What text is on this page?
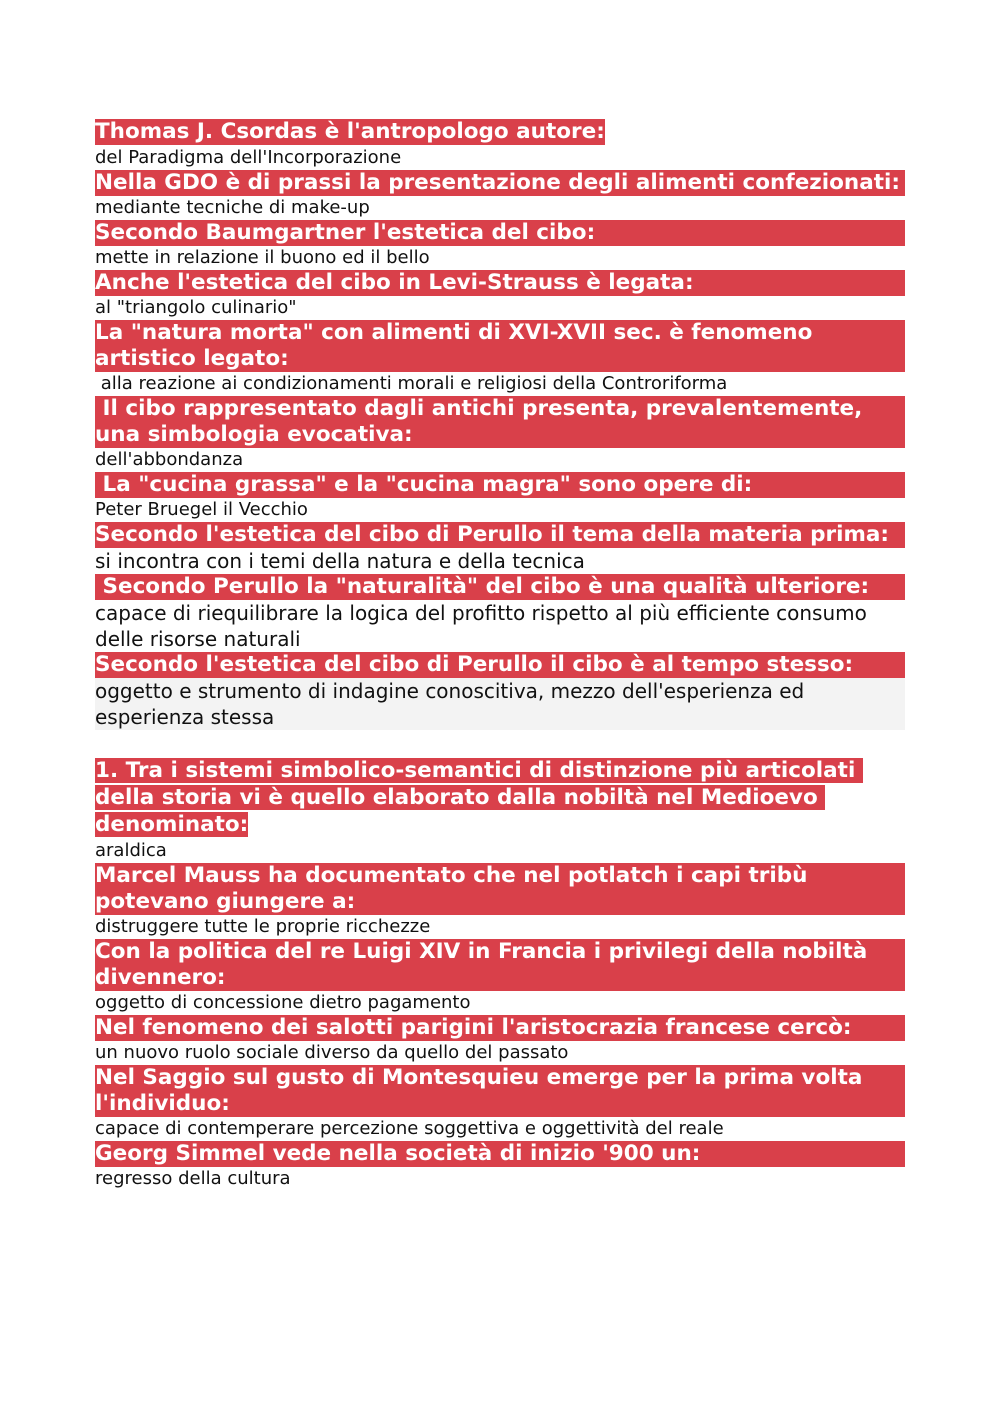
Thomas J. Csordas è l'antropologo autore:

del Paradigma dell'Incorporazione

Nella GDO è di prassi la presentazione degli alimenti confezionati:

mediante tecniche di make-up

Secondo Baumgartner l'estetica del cibo:

mette in relazione il buono ed il bello

Anche l'estetica del cibo in Levi-Strauss è legata:

al "triangolo culinario"

La "natura morta" con alimenti di XVI-XVII sec. è fenomeno artistico legato:

alla reazione ai condizionamenti morali e religiosi della Controriforma

Il cibo rappresentato dagli antichi presenta, prevalentemente, una simbologia evocativa:

dell'abbondanza

La "cucina grassa" e la "cucina magra" sono opere di:

Peter Bruegel il Vecchio

Secondo l'estetica del cibo di Perullo il tema della materia prima:

si incontra con i temi della natura e della tecnica

Secondo Perullo la "naturalità" del cibo è una qualità ulteriore:

capace di riequilibrare la logica del profitto rispetto al più efficiente consumo delle risorse naturali

Secondo l'estetica del cibo di Perullo il cibo è al tempo stesso:

oggetto e strumento di indagine conoscitiva, mezzo dell'esperienza ed esperienza stessa

1. Tra i sistemi simbolico-semantici di distinzione più articolati della storia vi è quello elaborato dalla nobiltà nel Medioevo denominato:

araldica

Marcel Mauss ha documentato che nel potlatch i capi tribù potevano giungere a:

distruggere tutte le proprie ricchezze

Con la politica del re Luigi XIV in Francia i privilegi della nobiltà divennero:

oggetto di concessione dietro pagamento

Nel fenomeno dei salotti parigini l'aristocrazia francese cercò:

un nuovo ruolo sociale diverso da quello del passato

Nel Saggio sul gusto di Montesquieu emerge per la prima volta l'individuo:

capace di contemperare percezione soggettiva e oggettività del reale

Georg Simmel vede nella società di inizio '900 un:

regresso della cultura
